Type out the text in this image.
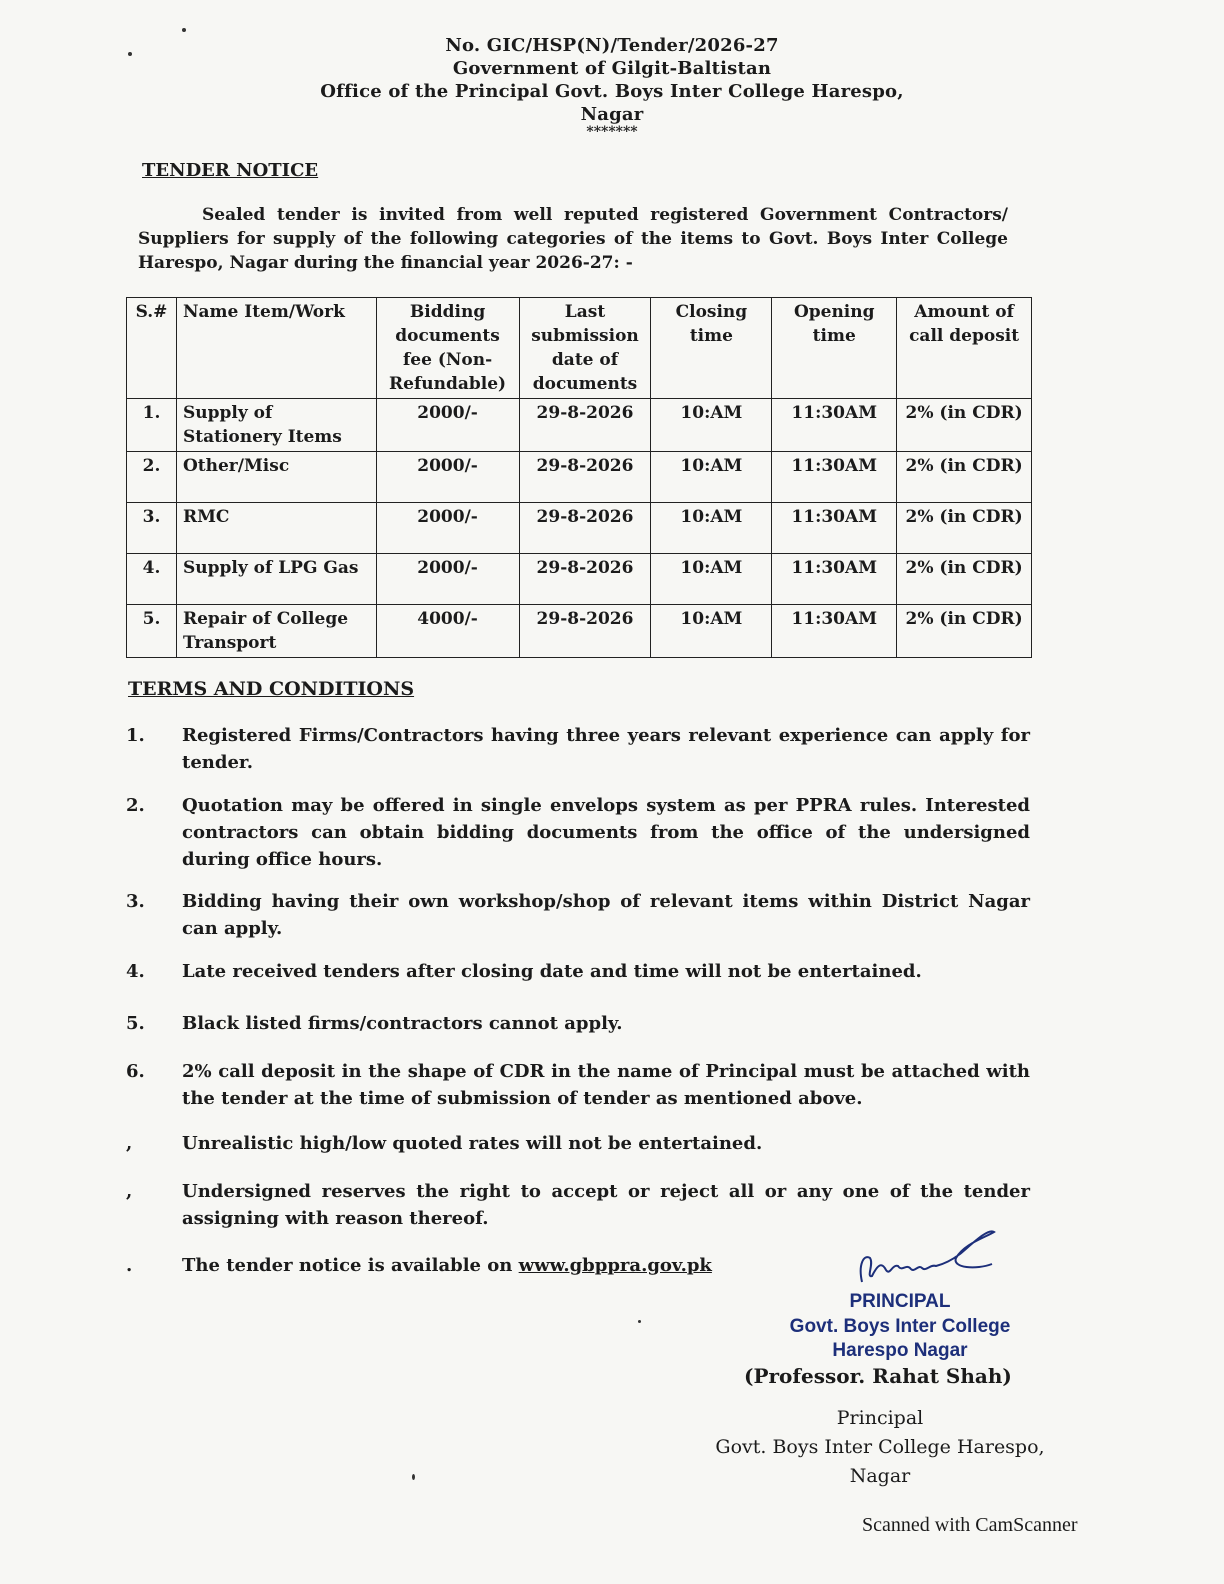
No. GIC/HSP(N)/Tender/2026-27
Government of Gilgit-Baltistan
Office of the Principal Govt. Boys Inter College Harespo,
Nagar
*******
TENDER NOTICE
Sealed tender is invited from well reputed registered Government Contractors/ Suppliers for supply of the following categories of the items to Govt. Boys Inter College Harespo, Nagar during the financial year 2026-27: -
S.#	Name Item/Work	Bidding documents fee (Non-Refundable)	Last submission date of documents	Closing time	Opening time	Amount of call deposit
1.	Supply of Stationery Items	2000/-	29-8-2026	10:AM	11:30AM	2% (in CDR)
2.	Other/Misc	2000/-	29-8-2026	10:AM	11:30AM	2% (in CDR)
3.	RMC	2000/-	29-8-2026	10:AM	11:30AM	2% (in CDR)
4.	Supply of LPG Gas	2000/-	29-8-2026	10:AM	11:30AM	2% (in CDR)
5.	Repair of College Transport	4000/-	29-8-2026	10:AM	11:30AM	2% (in CDR)
TERMS AND CONDITIONS
1.	Registered Firms/Contractors having three years relevant experience can apply for tender.
2.	Quotation may be offered in single envelops system as per PPRA rules. Interested contractors can obtain bidding documents from the office of the undersigned during office hours.
3.	Bidding having their own workshop/shop of relevant items within District Nagar can apply.
4.	Late received tenders after closing date and time will not be entertained.
5.	Black listed firms/contractors cannot apply.
6.	2% call deposit in the shape of CDR in the name of Principal must be attached with the tender at the time of submission of tender as mentioned above.
,	Unrealistic high/low quoted rates will not be entertained.
,	Undersigned reserves the right to accept or reject all or any one of the tender assigning with reason thereof.
.	The tender notice is available on www.gbppra.gov.pk
PRINCIPAL
Govt. Boys Inter College
Harespo Nagar
(Professor. Rahat Shah)
Principal
Govt. Boys Inter College Harespo,
Nagar
Scanned with CamScanner
